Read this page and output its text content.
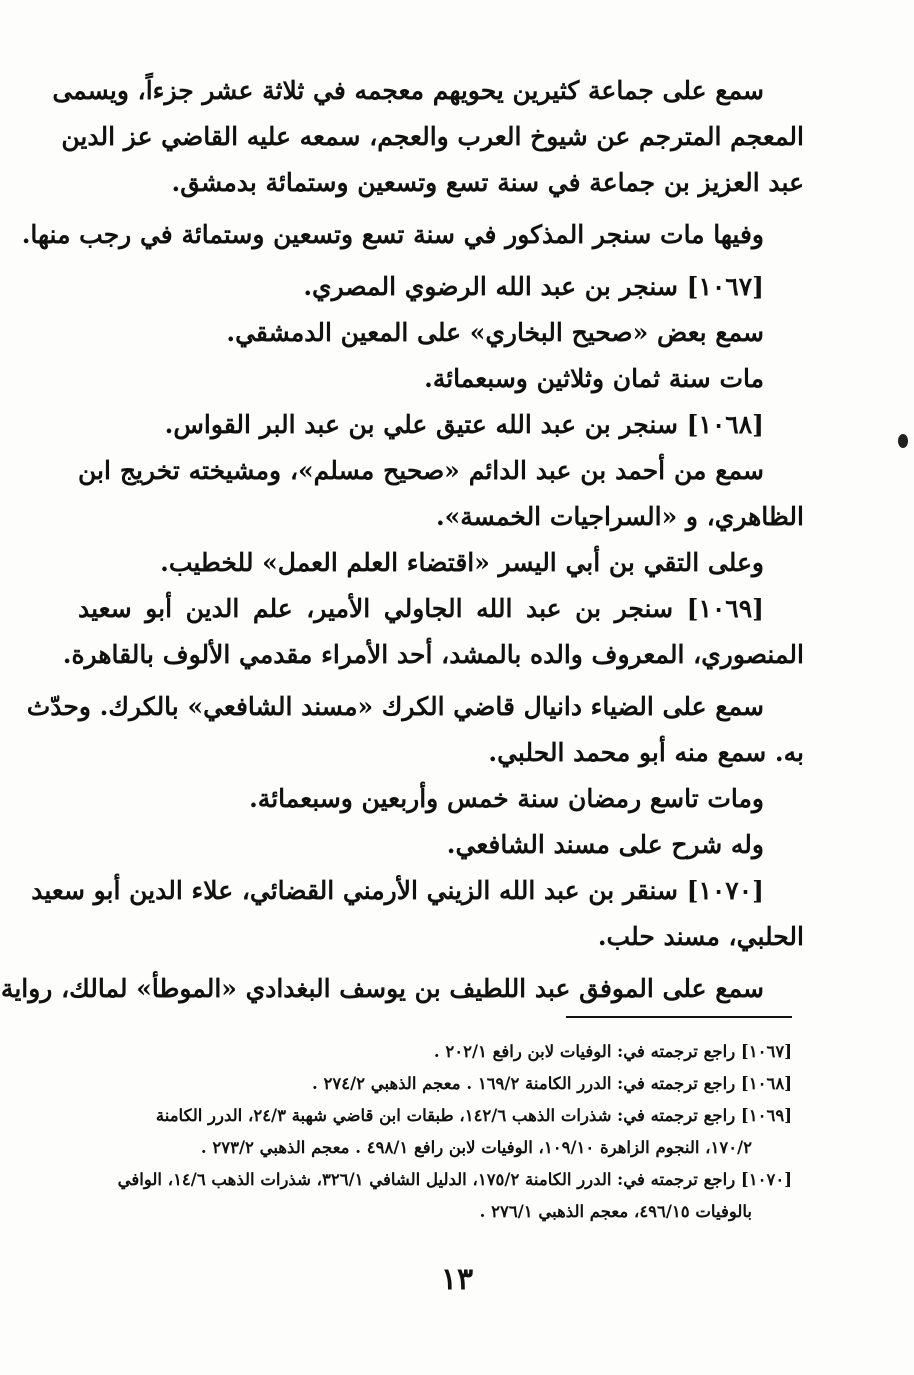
سمع على جماعة كثيرين يحويهم معجمه في ثلاثة عشر جزءاً، ويسمى
المعجم المترجم عن شيوخ العرب والعجم، سمعه عليه القاضي عز الدين
عبد العزيز بن جماعة في سنة تسع وتسعين وستمائة بدمشق.
وفيها مات سنجر المذكور في سنة تسع وتسعين وستمائة في رجب منها.
[١٠٦٧] سنجر بن عبد الله الرضوي المصري.
سمع بعض «صحيح البخاري» على المعين الدمشقي.
مات سنة ثمان وثلاثين وسبعمائة.
[١٠٦٨] سنجر بن عبد الله عتيق علي بن عبد البر القواس.
سمع من أحمد بن عبد الدائم «صحيح مسلم»، ومشيخته تخريج ابن
الظاهري، و «السراجيات الخمسة».
وعلى التقي بن أبي اليسر «اقتضاء العلم العمل» للخطيب.
[١٠٦٩] سنجر بن عبد الله الجاولي الأمير، علم الدين أبو سعيد
المنصوري، المعروف والده بالمشد، أحد الأمراء مقدمي الألوف بالقاهرة.
سمع على الضياء دانيال قاضي الكرك «مسند الشافعي» بالكرك. وحدّث
به. سمع منه أبو محمد الحلبي.
ومات تاسع رمضان سنة خمس وأربعين وسبعمائة.
وله شرح على مسند الشافعي.
[١٠٧٠] سنقر بن عبد الله الزيني الأرمني القضائي، علاء الدين أبو سعيد
الحلبي، مسند حلب.
سمع على الموفق عبد اللطيف بن يوسف البغدادي «الموطأ» لمالك، رواية
[١٠٦٧] راجع ترجمته في: الوفيات لابن رافع ٢٠٢/١ .
[١٠٦٨] راجع ترجمته في: الدرر الكامنة ١٦٩/٢ . معجم الذهبي ٢٧٤/٢ .
[١٠٦٩] راجع ترجمته في: شذرات الذهب ١٤٢/٦، طبقات ابن قاضي شهبة ٢٤/٣، الدرر الكامنة
١٧٠/٢، النجوم الزاهرة ١٠٩/١٠، الوفيات لابن رافع ٤٩٨/١ . معجم الذهبي ٢٧٣/٢ .
[١٠٧٠] راجع ترجمته في: الدرر الكامنة ١٧٥/٢، الدليل الشافي ٣٢٦/١، شذرات الذهب ١٤/٦، الوافي
بالوفيات ٤٩٦/١٥، معجم الذهبي ٢٧٦/١ .
١٣
